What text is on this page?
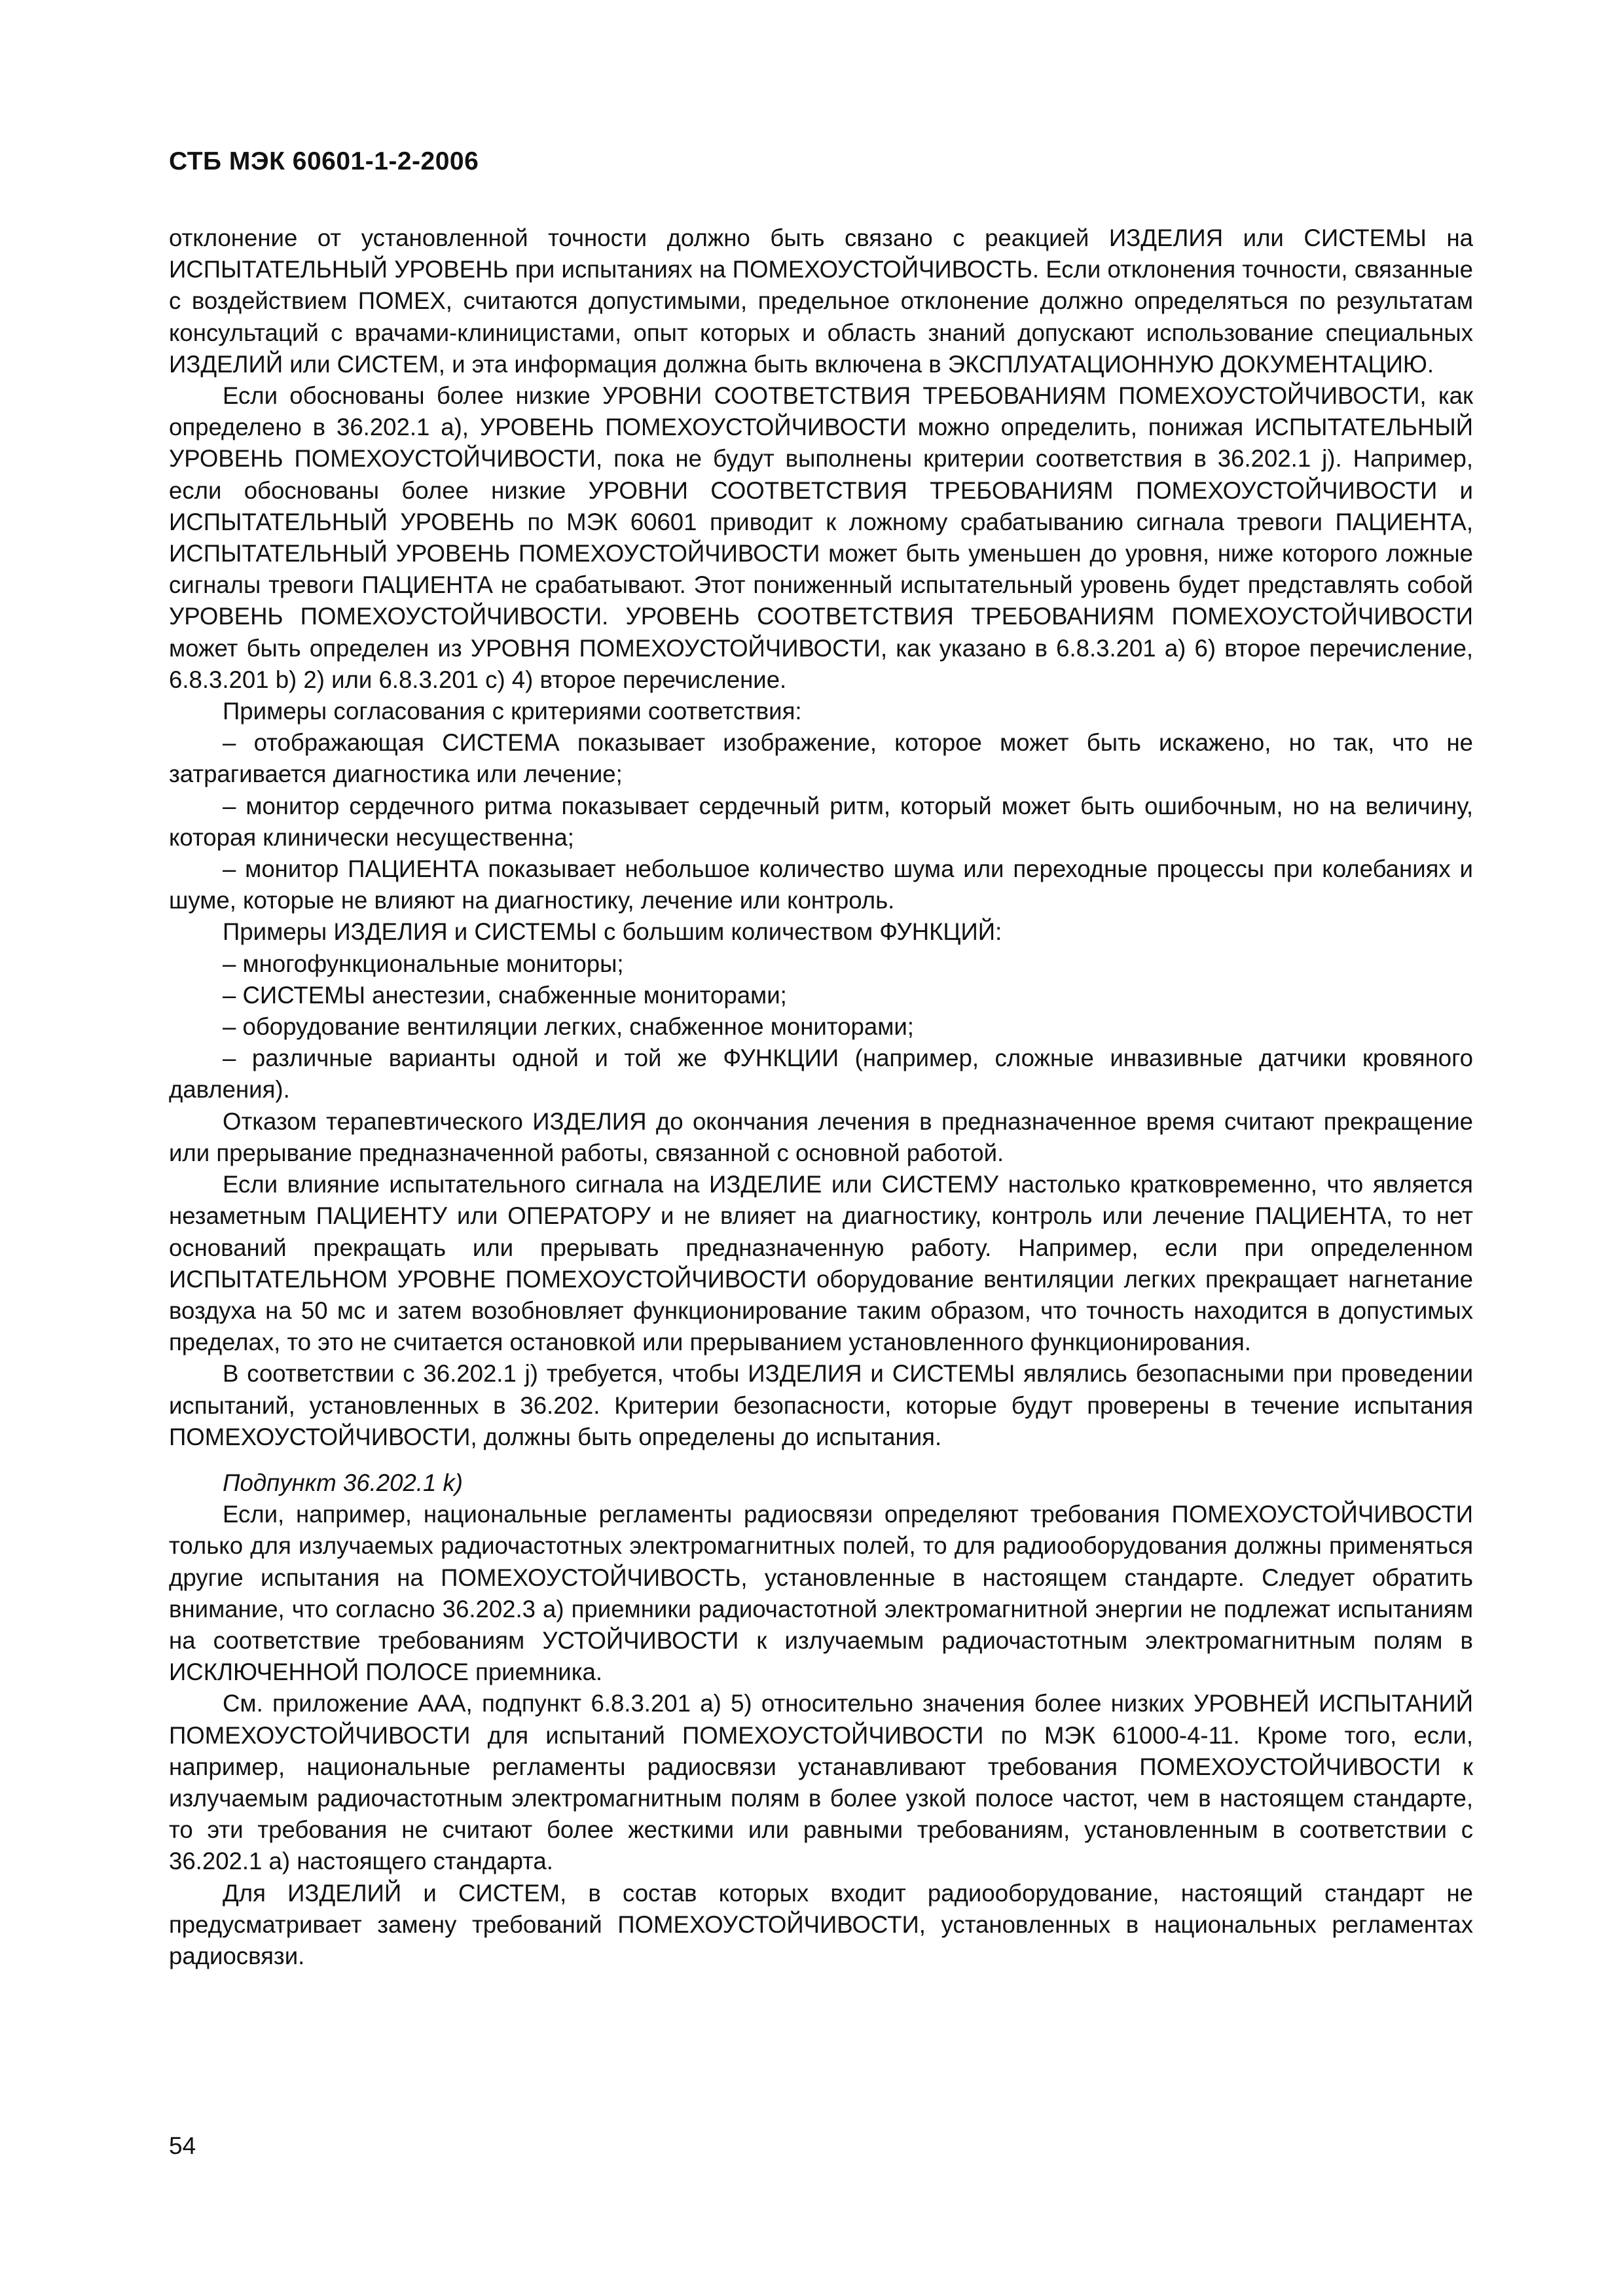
СТБ МЭК 60601-1-2-2006

отклонение от установленной точности должно быть связано с реакцией ИЗДЕЛИЯ или СИСТЕМЫ на ИСПЫТАТЕЛЬНЫЙ УРОВЕНЬ при испытаниях на ПОМЕХОУСТОЙЧИВОСТЬ. Если отклонения точности, связанные с воздействием ПОМЕХ, считаются допустимыми, предельное отклонение должно определяться по результатам консультаций с врачами-клиницистами, опыт которых и область знаний допускают использование специальных ИЗДЕЛИЙ или СИСТЕМ, и эта информация должна быть включена в ЭКСПЛУАТАЦИОННУЮ ДОКУМЕНТАЦИЮ.

Если обоснованы более низкие УРОВНИ СООТВЕТСТВИЯ ТРЕБОВАНИЯМ ПОМЕХОУСТОЙЧИВОСТИ, как определено в 36.202.1 а), УРОВЕНЬ ПОМЕХОУСТОЙЧИВОСТИ можно определить, понижая ИСПЫТАТЕЛЬНЫЙ УРОВЕНЬ ПОМЕХОУСТОЙЧИВОСТИ, пока не будут выполнены критерии соответствия в 36.202.1 j). Например, если обоснованы более низкие УРОВНИ СООТВЕТСТВИЯ ТРЕБОВАНИЯМ ПОМЕХОУСТОЙЧИВОСТИ и ИСПЫТАТЕЛЬНЫЙ УРОВЕНЬ по МЭК 60601 приводит к ложному срабатыванию сигнала тревоги ПАЦИЕНТА, ИСПЫТАТЕЛЬНЫЙ УРОВЕНЬ ПОМЕХОУСТОЙЧИВОСТИ может быть уменьшен до уровня, ниже которого ложные сигналы тревоги ПАЦИЕНТА не срабатывают. Этот пониженный испытательный уровень будет представлять собой УРОВЕНЬ ПОМЕХОУСТОЙЧИВОСТИ. УРОВЕНЬ СООТВЕТСТВИЯ ТРЕБОВАНИЯМ ПОМЕХОУСТОЙЧИВОСТИ может быть определен из УРОВНЯ ПОМЕХОУСТОЙЧИВОСТИ, как указано в 6.8.3.201 а) 6) второе перечисление, 6.8.3.201 b) 2) или 6.8.3.201 с) 4) второе перечисление.

Примеры согласования с критериями соответствия:

– отображающая СИСТЕМА показывает изображение, которое может быть искажено, но так, что не затрагивается диагностика или лечение;

– монитор сердечного ритма показывает сердечный ритм, который может быть ошибочным, но на величину, которая клинически несущественна;

– монитор ПАЦИЕНТА показывает небольшое количество шума или переходные процессы при колебаниях и шуме, которые не влияют на диагностику, лечение или контроль.

Примеры ИЗДЕЛИЯ и СИСТЕМЫ с большим количеством ФУНКЦИЙ:

– многофункциональные мониторы;

– СИСТЕМЫ анестезии, снабженные мониторами;

– оборудование вентиляции легких, снабженное мониторами;

– различные варианты одной и той же ФУНКЦИИ (например, сложные инвазивные датчики кровяного давления).

Отказом терапевтического ИЗДЕЛИЯ до окончания лечения в предназначенное время считают прекращение или прерывание предназначенной работы, связанной с основной работой.

Если влияние испытательного сигнала на ИЗДЕЛИЕ или СИСТЕМУ настолько кратковременно, что является незаметным ПАЦИЕНТУ или ОПЕРАТОРУ и не влияет на диагностику, контроль или лечение ПАЦИЕНТА, то нет оснований прекращать или прерывать предназначенную работу. Например, если при определенном ИСПЫТАТЕЛЬНОМ УРОВНЕ ПОМЕХОУСТОЙЧИВОСТИ оборудование вентиляции легких прекращает нагнетание воздуха на 50 мс и затем возобновляет функционирование таким образом, что точность находится в допустимых пределах, то это не считается остановкой или прерыванием установленного функционирования.

В соответствии с 36.202.1 j) требуется, чтобы ИЗДЕЛИЯ и СИСТЕМЫ являлись безопасными при проведении испытаний, установленных в 36.202. Критерии безопасности, которые будут проверены в течение испытания ПОМЕХОУСТОЙЧИВОСТИ, должны быть определены до испытания.

Подпункт 36.202.1 k)

Если, например, национальные регламенты радиосвязи определяют требования ПОМЕХОУСТОЙЧИВОСТИ только для излучаемых радиочастотных электромагнитных полей, то для радиооборудования должны применяться другие испытания на ПОМЕХОУСТОЙЧИВОСТЬ, установленные в настоящем стандарте. Следует обратить внимание, что согласно 36.202.3 а) приемники радиочастотной электромагнитной энергии не подлежат испытаниям на соответствие требованиям УСТОЙЧИВОСТИ к излучаемым радиочастотным электромагнитным полям в ИСКЛЮЧЕННОЙ ПОЛОСЕ приемника.

См. приложение ААА, подпункт 6.8.3.201 а) 5) относительно значения более низких УРОВНЕЙ ИСПЫТАНИЙ ПОМЕХОУСТОЙЧИВОСТИ для испытаний ПОМЕХОУСТОЙЧИВОСТИ по МЭК 61000-4-11. Кроме того, если, например, национальные регламенты радиосвязи устанавливают требования ПОМЕХОУСТОЙЧИВОСТИ к излучаемым радиочастотным электромагнитным полям в более узкой полосе частот, чем в настоящем стандарте, то эти требования не считают более жесткими или равными требованиям, установленным в соответствии с 36.202.1 а) настоящего стандарта.

Для ИЗДЕЛИЙ и СИСТЕМ, в состав которых входит радиооборудование, настоящий стандарт не предусматривает замену требований ПОМЕХОУСТОЙЧИВОСТИ, установленных в национальных регламентах радиосвязи.

54
